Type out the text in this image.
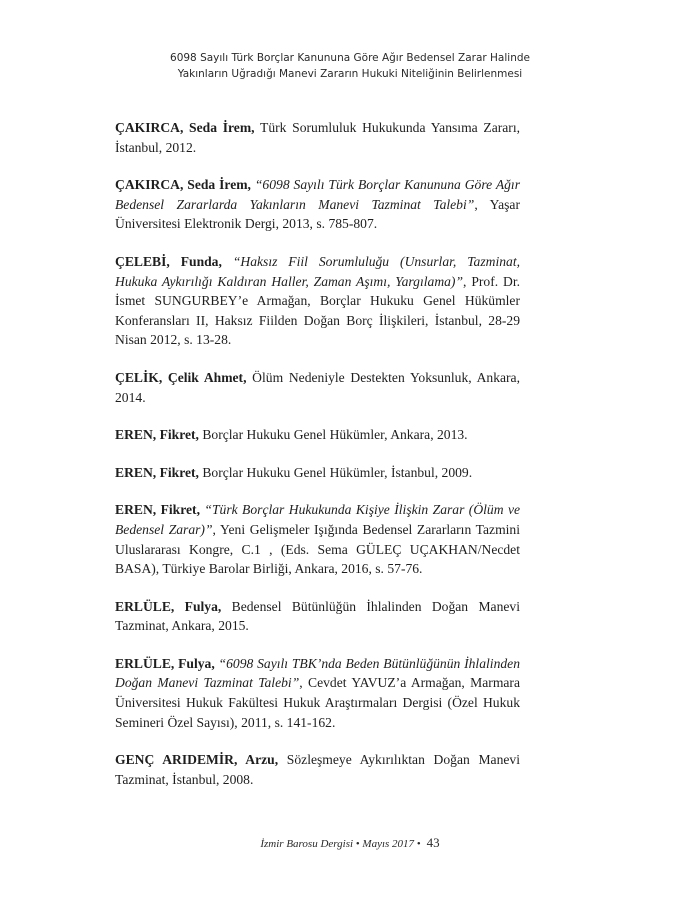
6098 Sayılı Türk Borçlar Kanununa Göre Ağır Bedensel Zarar Halinde
Yakınların Uğradığı Manevi Zararın Hukuki Niteliğinin Belirlenmesi

ÇAKIRCA, Seda İrem, Türk Sorumluluk Hukukunda Yansıma Zararı, İstanbul, 2012.

ÇAKIRCA, Seda İrem, “6098 Sayılı Türk Borçlar Kanununa Göre Ağır Bedensel Zararlarda Yakınların Manevi Tazminat Talebi”, Yaşar Üniversitesi Elektronik Dergi, 2013, s. 785-807.

ÇELEBİ, Funda, “Haksız Fiil Sorumluluğu (Unsurlar, Tazminat, Hukuka Aykırılığı Kaldıran Haller, Zaman Aşımı, Yargılama)”, Prof. Dr. İsmet SUNGURBEY’e Armağan, Borçlar Hukuku Genel Hükümler Konferansları II, Haksız Fiilden Doğan Borç İlişkileri, İstanbul, 28-29 Nisan 2012, s. 13-28.

ÇELİK, Çelik Ahmet, Ölüm Nedeniyle Destekten Yoksunluk, Ankara, 2014.

EREN, Fikret, Borçlar Hukuku Genel Hükümler, Ankara, 2013.

EREN, Fikret, Borçlar Hukuku Genel Hükümler, İstanbul, 2009.

EREN, Fikret, “Türk Borçlar Hukukunda Kişiye İlişkin Zarar (Ölüm ve Bedensel Zarar)”, Yeni Gelişmeler Işığında Bedensel Zararların Tazmini Uluslararası Kongre, C.1 , (Eds. Sema GÜLEÇ UÇAKHAN/Necdet BASA), Türkiye Barolar Birliği, Ankara, 2016, s. 57-76.

ERLÜLE, Fulya, Bedensel Bütünlüğün İhlalinden Doğan Manevi Tazminat, Ankara, 2015.

ERLÜLE, Fulya, “6098 Sayılı TBK’nda Beden Bütünlüğünün İhlalinden Doğan Manevi Tazminat Talebi”, Cevdet YAVUZ’a Armağan, Marmara Üniversitesi Hukuk Fakültesi Hukuk Araştırmaları Dergisi (Özel Hukuk Semineri Özel Sayısı), 2011, s. 141-162.

GENÇ ARIDEMİR, Arzu, Sözleşmeye Aykırılıktan Doğan Manevi Tazminat, İstanbul, 2008.

İzmir Barosu Dergisi • Mayıs 2017 • 43
